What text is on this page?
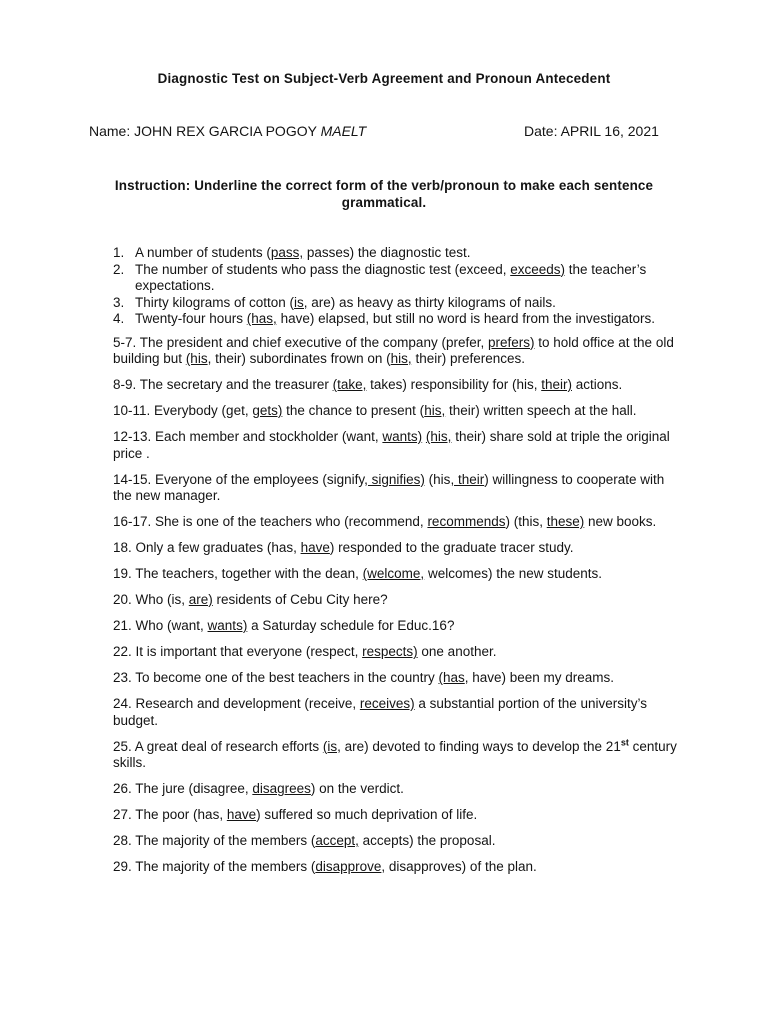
Diagnostic Test on Subject-Verb Agreement and Pronoun Antecedent
Name: JOHN REX GARCIA POGOY MAELT	Date: APRIL 16, 2021
Instruction: Underline the correct form of the verb/pronoun to make each sentence grammatical.
1. A number of students (pass, passes) the diagnostic test.
2. The number of students who pass the diagnostic test (exceed, exceeds) the teacher’s expectations.
3. Thirty kilograms of cotton (is, are) as heavy as thirty kilograms of nails.
4. Twenty-four hours (has, have) elapsed, but still no word is heard from the investigators.
5-7. The president and chief executive of the company (prefer, prefers) to hold office at the old building but (his, their) subordinates frown on (his, their) preferences.
8-9. The secretary and the treasurer (take, takes) responsibility for (his, their) actions.
10-11. Everybody (get, gets) the chance to present (his, their) written speech at the hall.
12-13. Each member and stockholder (want, wants) (his, their) share sold at triple the original price .
14-15. Everyone of the employees (signify, signifies) (his, their) willingness to cooperate with the new manager.
16-17. She is one of the teachers who (recommend, recommends) (this, these) new books.
18. Only a few graduates (has, have) responded to the graduate tracer study.
19. The teachers, together with the dean, (welcome, welcomes) the new students.
20. Who (is, are) residents of Cebu City here?
21. Who (want, wants) a Saturday schedule for Educ.16?
22. It is important that everyone (respect, respects) one another.
23. To become one of the best teachers in the country (has, have) been my dreams.
24. Research and development (receive, receives) a substantial portion of the university’s budget.
25. A great deal of research efforts (is, are) devoted to finding ways to develop the 21st century skills.
26. The jure (disagree, disagrees) on the verdict.
27. The poor (has, have) suffered so much deprivation of life.
28. The majority of the members (accept, accepts) the proposal.
29. The majority of the members (disapprove, disapproves) of the plan.
